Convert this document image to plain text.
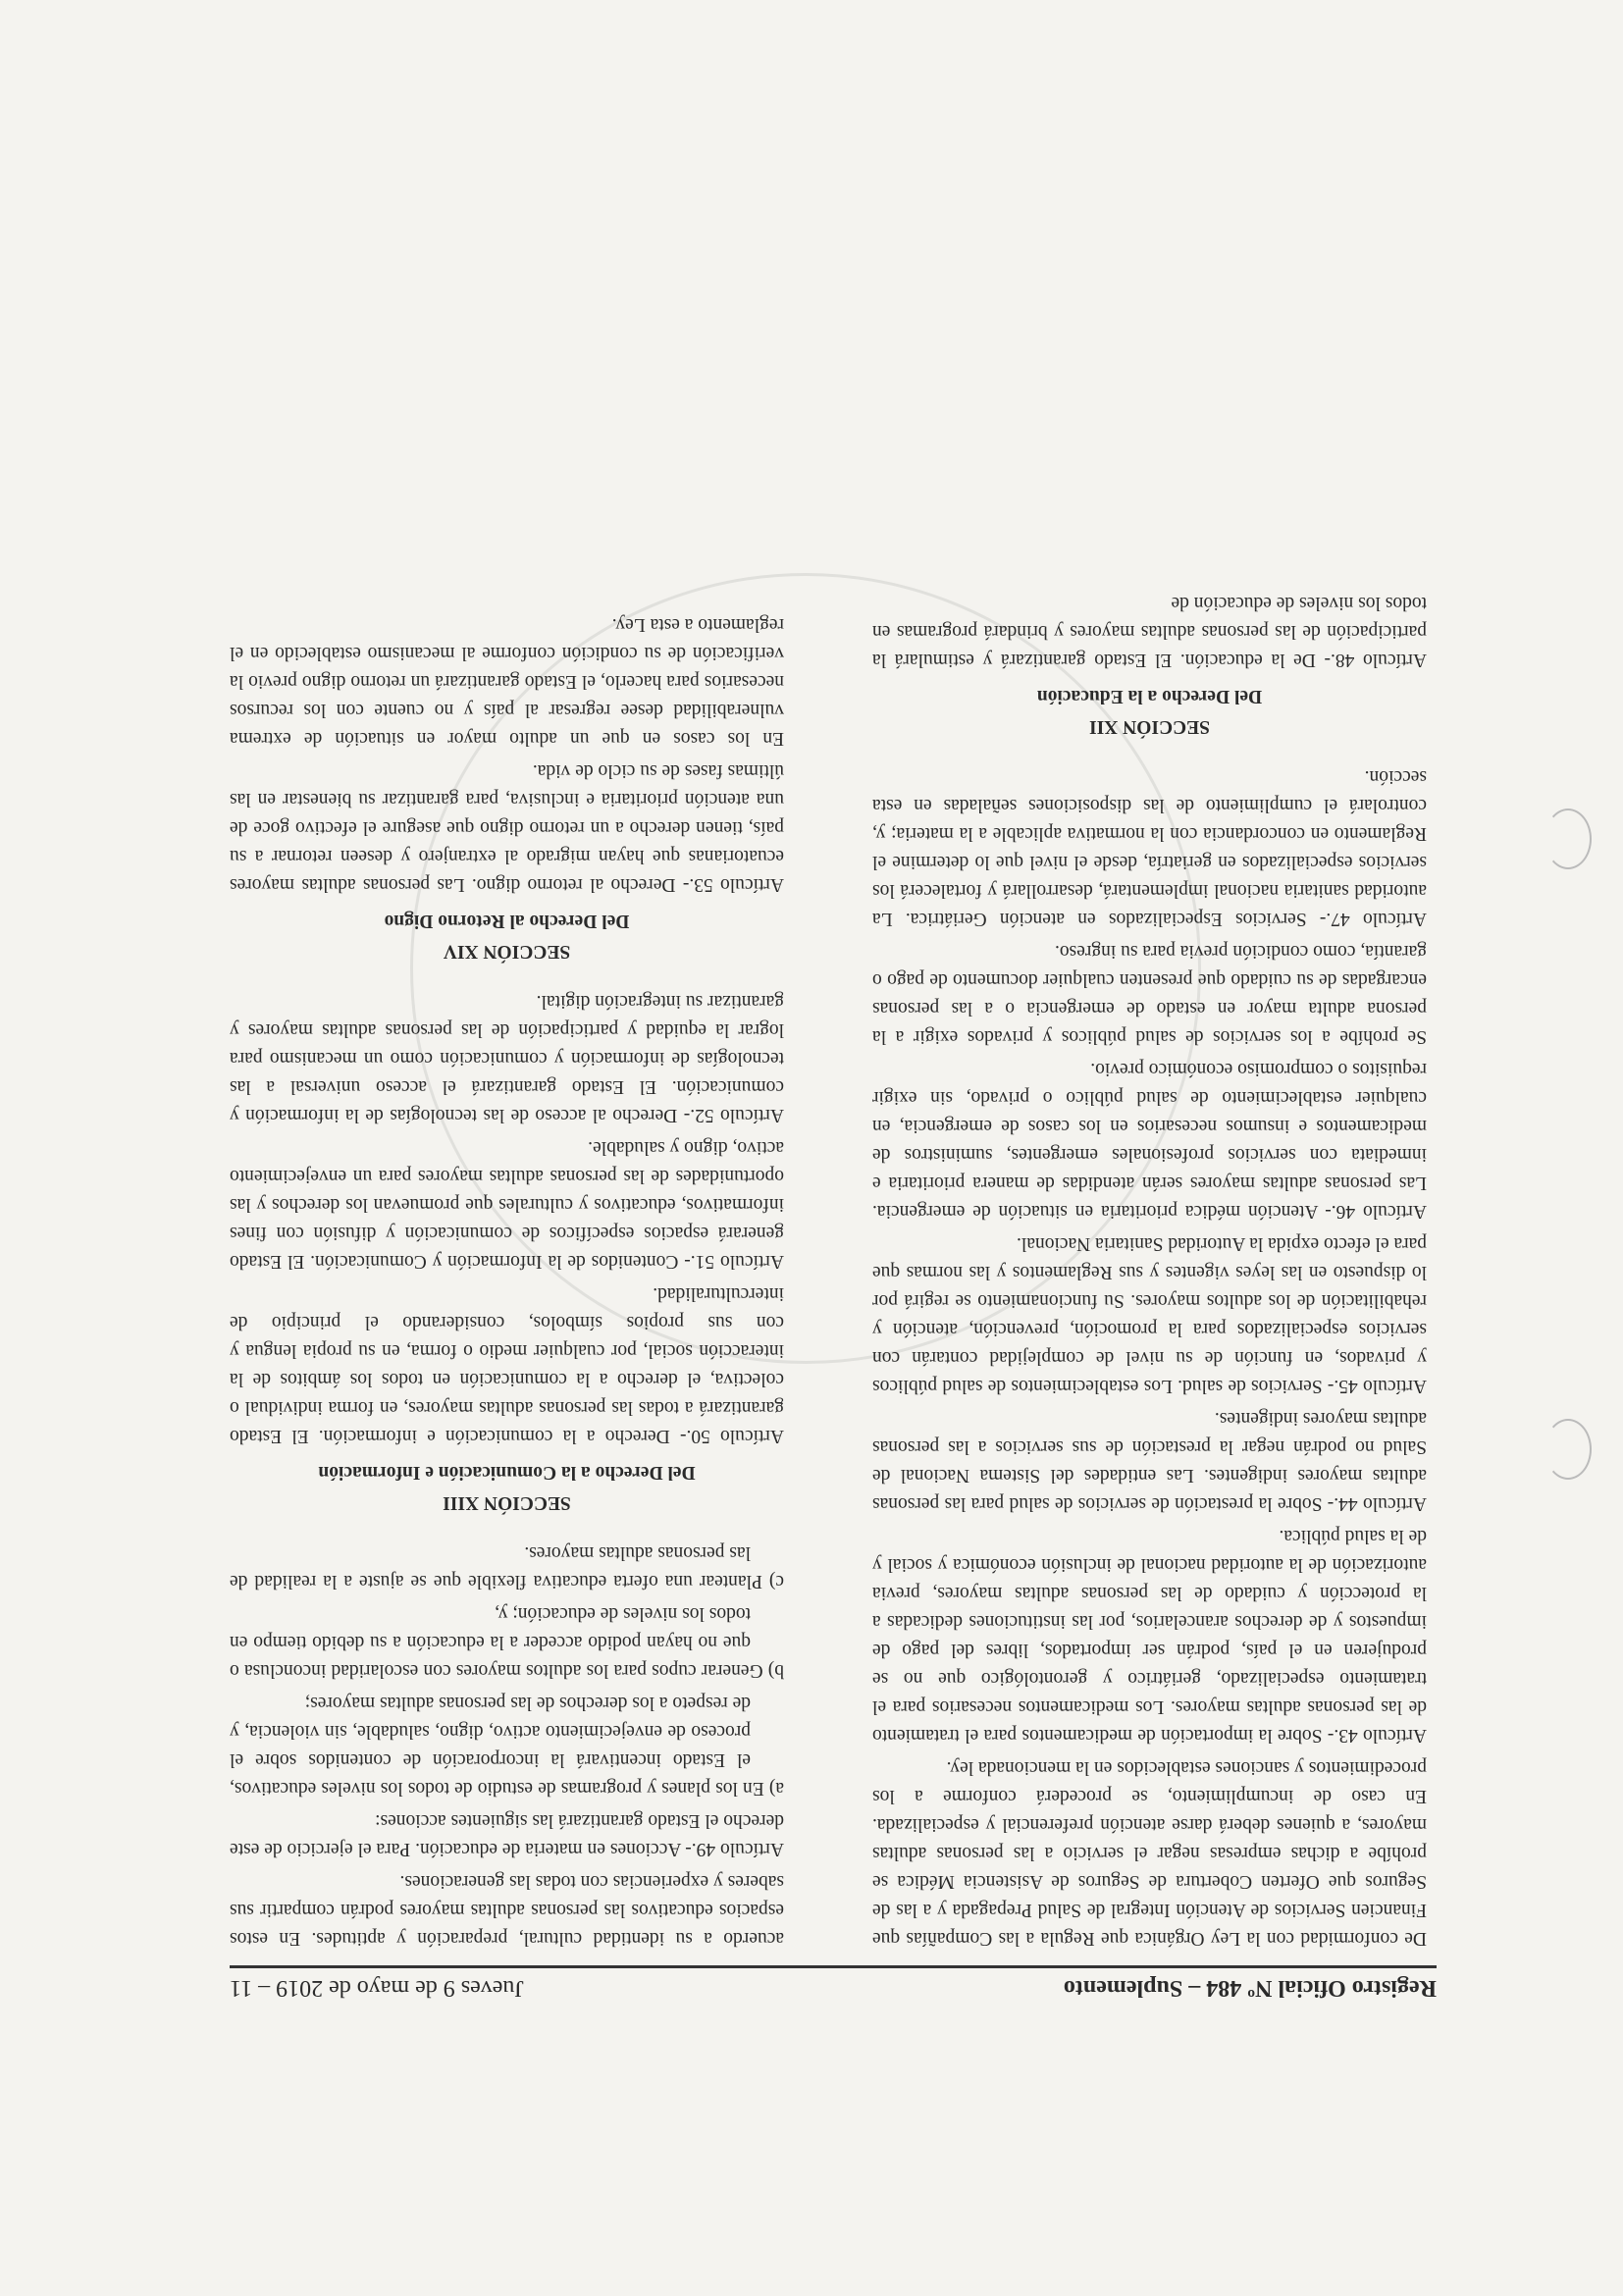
Registro Oficial Nº 484 – Suplemento
Jueves 9 de mayo de 2019 – 11

De conformidad con la Ley Orgánica que Regula a las Compañías que Financien Servicios de Atención Integral de Salud Prepagada y a las de Seguros que Oferten Cobertura de Seguros de Asistencia Médica se prohíbe a dichas empresas negar el servicio a las personas adultas mayores, a quienes deberá darse atención preferencial y especializada. En caso de incumplimiento, se procederá conforme a los procedimientos y sanciones establecidos en la mencionada ley.

Artículo 43.- Sobre la importación de medicamentos para el tratamiento de las personas adultas mayores. Los medicamentos necesarios para el tratamiento especializado, geriátrico y gerontológico que no se produjeren en el país, podrán ser importados, libres del pago de impuestos y de derechos arancelarios, por las instituciones dedicadas a la protección y cuidado de las personas adultas mayores, previa autorización de la autoridad nacional de inclusión económica y social y de la salud pública.

Artículo 44.- Sobre la prestación de servicios de salud para las personas adultas mayores indigentes. Las entidades del Sistema Nacional de Salud no podrán negar la prestación de sus servicios a las personas adultas mayores indigentes.

Artículo 45.- Servicios de salud. Los establecimientos de salud públicos y privados, en función de su nivel de complejidad contarán con servicios especializados para la promoción, prevención, atención y rehabilitación de los adultos mayores. Su funcionamiento se regirá por lo dispuesto en las leyes vigentes y sus Reglamentos y las normas que para el efecto expida la Autoridad Sanitaria Nacional.

Artículo 46.- Atención médica prioritaria en situación de emergencia. Las personas adultas mayores serán atendidas de manera prioritaria e inmediata con servicios profesionales emergentes, suministros de medicamentos e insumos necesarios en los casos de emergencia, en cualquier establecimiento de salud público o privado, sin exigir requisitos o compromiso económico previo.

Se prohíbe a los servicios de salud públicos y privados exigir a la persona adulta mayor en estado de emergencia o a las personas encargadas de su cuidado que presenten cualquier documento de pago o garantía, como condición previa para su ingreso.

Artículo 47.- Servicios Especializados en atención Geriátrica. La autoridad sanitaria nacional implementará, desarrollará y fortalecerá los servicios especializados en geriatría, desde el nivel que lo determine el Reglamento en concordancia con la normativa aplicable a la materia; y, controlará el cumplimiento de las disposiciones señaladas en esta sección.

SECCIÓN XII

Del Derecho a la Educación

Artículo 48.- De la educación. El Estado garantizará y estimulará la participación de las personas adultas mayores y brindará programas en todos los niveles de educación de

acuerdo a su identidad cultural, preparación y aptitudes. En estos espacios educativos las personas adultas mayores podrán compartir sus saberes y experiencias con todas las generaciones.

Artículo 49.- Acciones en materia de educación. Para el ejercicio de este derecho el Estado garantizará las siguientes acciones:

a) En los planes y programas de estudio de todos los niveles educativos, el Estado incentivará la incorporación de contenidos sobre el proceso de envejecimiento activo, digno, saludable, sin violencia, y de respeto a los derechos de las personas adultas mayores;

b) Generar cupos para los adultos mayores con escolaridad inconclusa o que no hayan podido acceder a la educación a su debido tiempo en todos los niveles de educación; y,

c) Plantear una oferta educativa flexible que se ajuste a la realidad de las personas adultas mayores.

SECCIÓN XIII

Del Derecho a la Comunicación e Información

Artículo 50.- Derecho a la comunicación e información. El Estado garantizará a todas las personas adultas mayores, en forma individual o colectiva, el derecho a la comunicación en todos los ámbitos de la interacción social, por cualquier medio o forma, en su propia lengua y con sus propios símbolos, considerando el principio de interculturalidad.

Artículo 51.- Contenidos de la Información y Comunicación. El Estado generará espacios específicos de comunicación y difusión con fines informativos, educativos y culturales que promuevan los derechos y las oportunidades de las personas adultas mayores para un envejecimiento activo, digno y saludable.

Artículo 52.- Derecho al acceso de las tecnologías de la información y comunicación. El Estado garantizará el acceso universal a las tecnologías de información y comunicación como un mecanismo para lograr la equidad y participación de las personas adultas mayores y garantizar su integración digital.

SECCIÓN XIV

Del Derecho al Retorno Digno

Artículo 53.- Derecho al retorno digno. Las personas adultas mayores ecuatorianas que hayan migrado al extranjero y deseen retornar a su país, tienen derecho a un retorno digno que asegure el efectivo goce de una atención prioritaria e inclusiva, para garantizar su bienestar en las últimas fases de su ciclo de vida.

En los casos en que un adulto mayor en situación de extrema vulnerabilidad desee regresar al país y no cuente con los recursos necesarios para hacerlo, el Estado garantizará un retorno digno previo la verificación de su condición conforme al mecanismo establecido en el reglamento a esta Ley.
